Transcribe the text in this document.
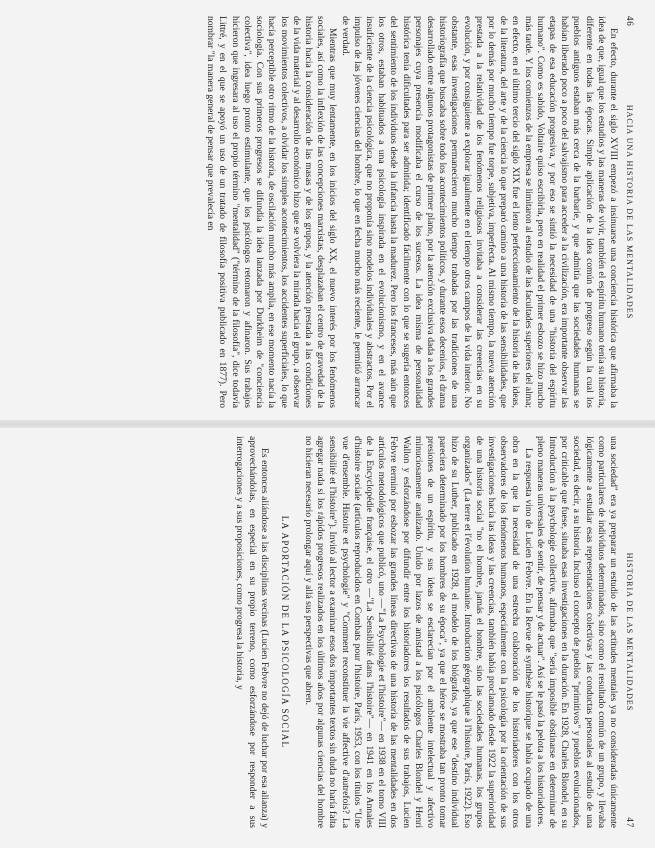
46
HACIA UNA HISTORIA DE LAS MENTALIDADES

En efecto, durante el siglo XVIII empezó a insinuarse una conciencia histórica que afirmaba la idea de que, igual que los estudios y las maneras de vivir, también el espíritu humano tenía su historia, diferente en todas las épocas. Simple aplicación de la idea común de progreso según la cual los pueblos antiguos estaban más cerca de la barbarie, y que admitía que las sociedades humanas se habían liberado poco a poco del salvajismo para acceder a la civilización, era importante observar las etapas de esa educación progresiva, y por eso se sintió la necesidad de una "historia del espíritu humano". Como es sabido, Voltaire quiso escribirla, pero en realidad el primer esbozo se hizo mucho más tarde. Y los comienzos de la empresa se limitaron al estudio de las facultades superiores del alma; en efecto, en el último tercio del siglo XIX fue el lento perfeccionamiento de la historia de las ideas, de la literatura, del arte y de la ciencia lo que preparó camino a una historia de las sensibilidades, que por lo demás por mucho tiempo fue torpe, subjetiva, imperfecta. Al mismo tiempo, la nueva atención prestada a la relatividad de los fenómenos religiosos invitaba a considerar las creencias en su evolución, y por consiguiente a explorar igualmente en el tiempo otros campos de la vida interior. No obstante, esas investigaciones permanecieron mucho tiempo trabadas por las tradiciones de una historiografía que buscaba sobre todo los acontecimientos políticos, y durante esos decenios, el drama desarrollado entre algunos protagonistas de primer plano, por la atención exclusiva dada a los grandes personajes cuya presencia modificaba el curso de los sucesos. La idea misma de personalidad histórica tenía dificultades para ser admitida; identificado fácilmente con lo que se sugería entonces del sentimiento de los individuos desde la infancia hasta la madurez. Pero los franceses, más aún que los otros, estaban habituados a una psicología inspirada en el evolucionismo, y en el avance insuficiente de la ciencia psicológica, que no proponía sino modelos individuales y abstractos. Por el impulso de las jóvenes ciencias del hombre, lo que en fecha mucho más reciente, le permitió arrancar de verdad.

Mientras que muy lentamente, en los inicios del siglo XX, el nuevo interés por los fenómenos sociales, así como la inflexión de las concepciones marxistas, desplazaban el centro de gravedad de la historia hacia la consideración de las masas y de los grupos, y la atención prestada a las condiciones de la vida material y al desarrollo económico hizo que se volviera la mirada hacia el grupo, a observar los movimientos colectivos, a olvidar los simples acontecimientos, los accidentes superficiales, lo que hacía perceptible otro ritmo de la historia, de oscilación mucho más amplia, en ese momento nacía la sociología. Con sus primeros progresos se difundía la idea lanzada por Durkheim de "conciencia colectiva", idea luego pronto estimulante, que los psicólogos retomaron y afinaron. Sus trabajos hicieron que ingresara al uso el propio término "mentalidad" ("término de la filosofía", dice todavía Littré, y en el que se apoyó un uso de un tratado de filosofía positiva publicado en 1877). Pero nombrar "la manera general de pensar que prevalecía en

HISTORIA DE LAS MENTALIDADES
47

una sociedad" era ya preparar un estudio de las actitudes mentales ya no consideradas únicamente como particulares de individuos determinados, sino como el resultado común de un grupo, y llevaba lógicamente a estudiar esas representaciones colectivas y las conductas personales al estudio de una sociedad, es decir, a su historia. Incluso el concepto de pueblos "primitivos" y pueblos evolucionados, por criticable que fuese, situaba esas investigaciones en la duración. En 1928, Charles Blondel, en su Introduction à la psychologie collective, afirmaba que "sería imposible obstinarse en determinar de pleno maneras universales de sentir, de pensar y de actuar". Así se le pasó la pelota a los historiadores.

La respuesta vino de Lucien Febvre. En la Revue de synthèse historique se había ocupado de una obra en la que la necesidad de una estrecha colaboración de los historiadores con los otros observadores de los fenómenos humanos, especialmente con la psicología por la orientación de sus investigaciones hacia las ideas y las creencias, también había proclamado desde 1922 la superioridad de una historia social "no el hombre, jamás el hombre, sino las sociedades humanas, los grupos organizados" (La terre et l'évolution humaine. Introduction géographique à l'histoire, París, 1922). Eso hizo de su Luther, publicado en 1928, el modelo de los biógrafos, ya que ese "destino individual pareciera determinado por los hombres de su época", ya que el héroe se mostraba tan pronto tomar presiones de un espíritu, y sus ideas se esclarecían por el ambiente intelectual y afectivo minuciosamente analizado. Unido por lazos de amistad a los psicólogos Charles Blondel y Henri Wallon y esforzándose por difundir entre los historiadores los resultados de sus trabajos, Lucien Febvre terminó por esbozar las grandes líneas directivas de una historia de las mentalidades en dos artículos metodológicos que publicó, uno —"La Psychologie et l'histoire"— en 1938 en el tomo VIII de la Encyclopédie française, el otro —"La Sensibilité dans l'histoire"— en 1941 en los Annales d'histoire sociale (artículos reproducidos en Combats pour l'histoire, París, 1953, con los títulos "Une vue d'ensemble. Histoire et psychologie" y "Comment reconstituer la vie affective d'autrefois? La sensibilité et l'histoire"). Invitó al lector a examinar esos dos importantes textos sin duda no haría falta agregar nada si los rápidos progresos realizados en los últimos años por algunas ciencias del hombre no hicieran necesario prolongar aquí y allá sus perspectivas que abren.

LA APORTACIÓN DE LA PSICOLOGÍA SOCIAL

Es entonces aliándose a las disciplinas vecinas (Lucien Febvre no dejó de luchar por esa alianza) y aprovechándolas, en especial en su propio terreno, como esforzándose por responder a sus interrogaciones y a sus proposiciones, como progresa la historia, y
